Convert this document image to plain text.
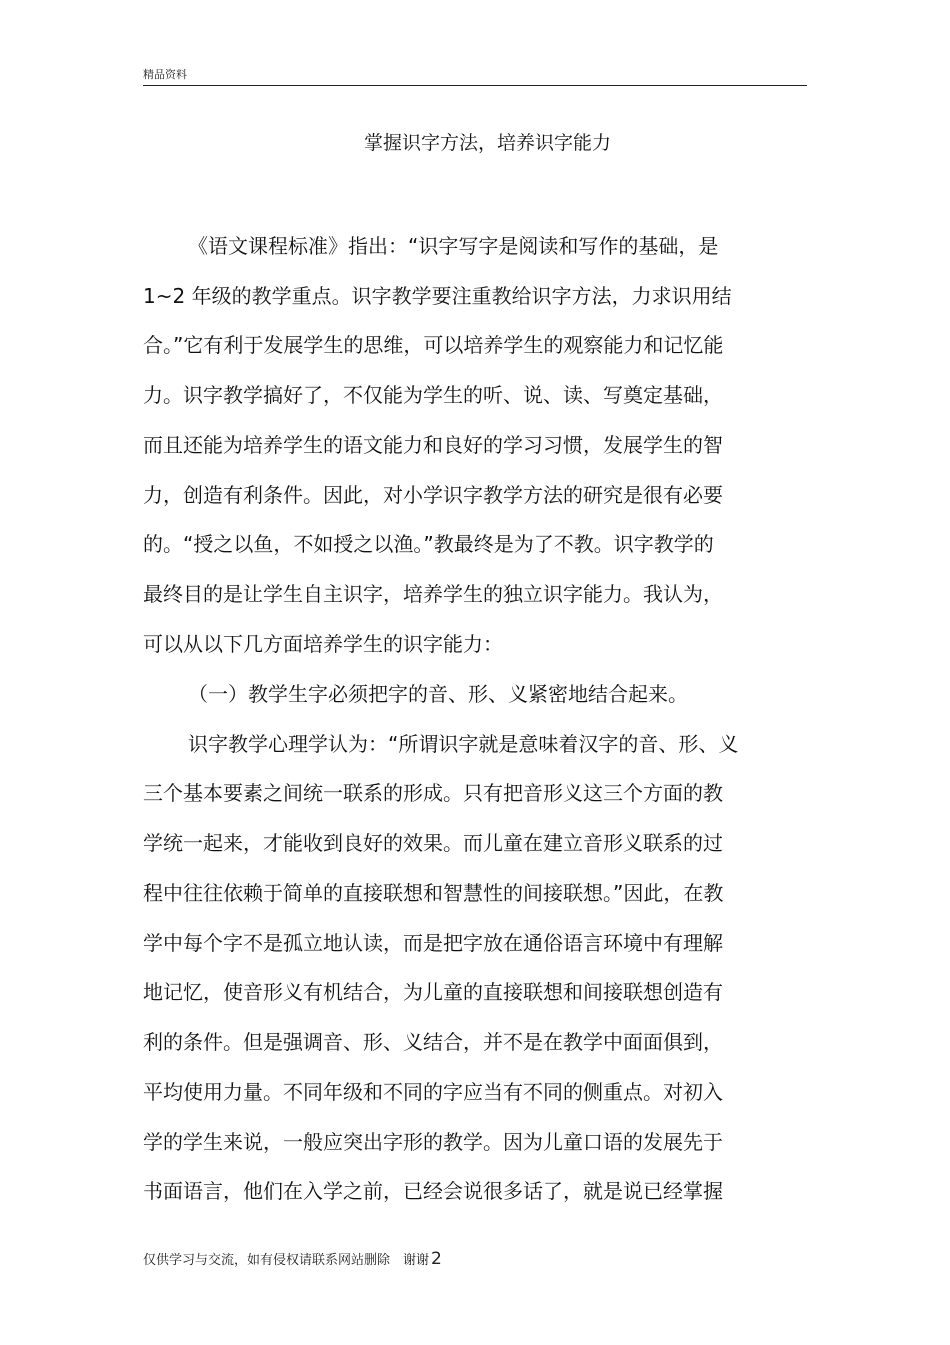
精品资料
掌握识字方法，培养识字能力
《语文课程标准》指出：“识字写字是阅读和写作的基础，是
1~2 年级的教学重点。识字教学要注重教给识字方法，力求识用结
合。”它有利于发展学生的思维，可以培养学生的观察能力和记忆能
力。识字教学搞好了，不仅能为学生的听、说、读、写奠定基础，
而且还能为培养学生的语文能力和良好的学习习惯，发展学生的智
力，创造有利条件。因此，对小学识字教学方法的研究是很有必要
的。“授之以鱼，不如授之以渔。”教最终是为了不教。识字教学的
最终目的是让学生自主识字，培养学生的独立识字能力。我认为，
可以从以下几方面培养学生的识字能力：
（一）教学生字必须把字的音、形、义紧密地结合起来。
识字教学心理学认为：“所谓识字就是意味着汉字的音、形、义
三个基本要素之间统一联系的形成。只有把音形义这三个方面的教
学统一起来，才能收到良好的效果。而儿童在建立音形义联系的过
程中往往依赖于简单的直接联想和智慧性的间接联想。”因此，在教
学中每个字不是孤立地认读，而是把字放在通俗语言环境中有理解
地记忆，使音形义有机结合，为儿童的直接联想和间接联想创造有
利的条件。但是强调音、形、义结合，并不是在教学中面面俱到，
平均使用力量。不同年级和不同的字应当有不同的侧重点。对初入
学的学生来说，一般应突出字形的教学。因为儿童口语的发展先于
书面语言，他们在入学之前，已经会说很多话了，就是说已经掌握
仅供学习与交流，如有侵权请联系网站删除　谢谢 2
